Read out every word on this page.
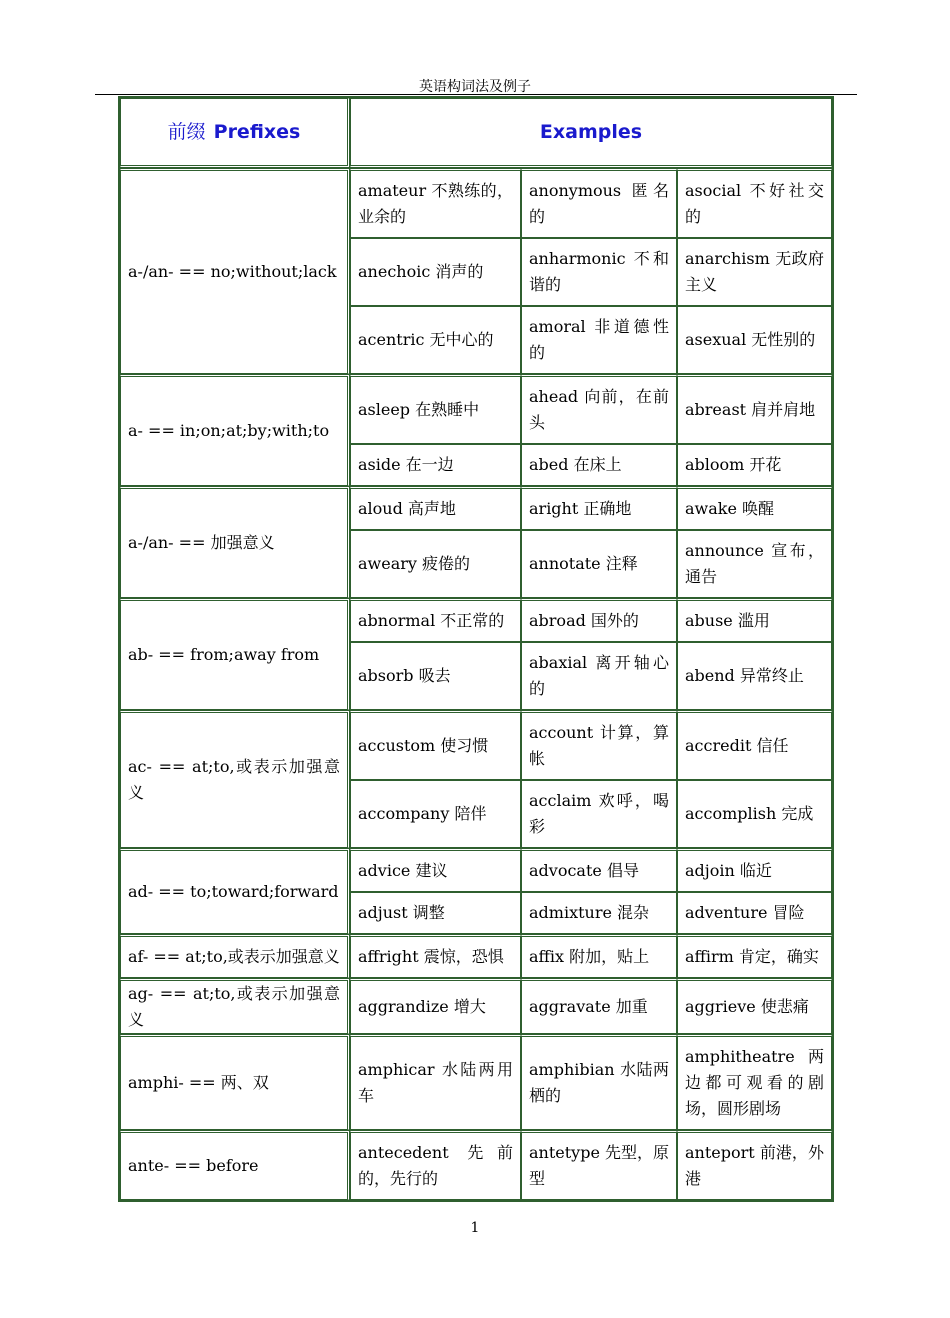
英语构词法及例子
前缀 Prefixes	Examples		
a-/an- == no;without;lack	amateur 不熟练的，业余的	anonymous 匿名的	asocial 不好社交的
	anechoic 消声的	anharmonic 不和谐的	anarchism 无政府主义
	acentric 无中心的	amoral 非道德性的	asexual 无性别的
a- == in;on;at;by;with;to	asleep 在熟睡中	ahead 向前，在前头	abreast 肩并肩地
	aside 在一边	abed 在床上	abloom 开花
a-/an- == 加强意义	aloud 高声地	aright 正确地	awake 唤醒
	aweary 疲倦的	annotate 注释	announce 宣布，通告
ab- == from;away from	abnormal 不正常的	abroad 国外的	abuse 滥用
	absorb 吸去	abaxial 离开轴心的	abend 异常终止
ac- == at;to,或表示加强意义	accustom 使习惯	account 计算，算帐	accredit 信任
	accompany 陪伴	acclaim 欢呼，喝彩	accomplish 完成
ad- == to;toward;forward	advice 建议	advocate 倡导	adjoin 临近
	adjust 调整	admixture 混杂	adventure 冒险
af- == at;to,或表示加强意义	affright 震惊，恐惧	affix 附加，贴上	affirm 肯定，确实
ag- == at;to,或表示加强意义	aggrandize 增大	aggravate 加重	aggrieve 使悲痛
amphi- == 两、双	amphicar 水陆两用车	amphibian 水陆两栖的	amphitheatre 两边都可观看的剧场，圆形剧场
ante- == before	antecedent 先前的，先行的	antetype 先型，原型	anteport 前港，外港
1
